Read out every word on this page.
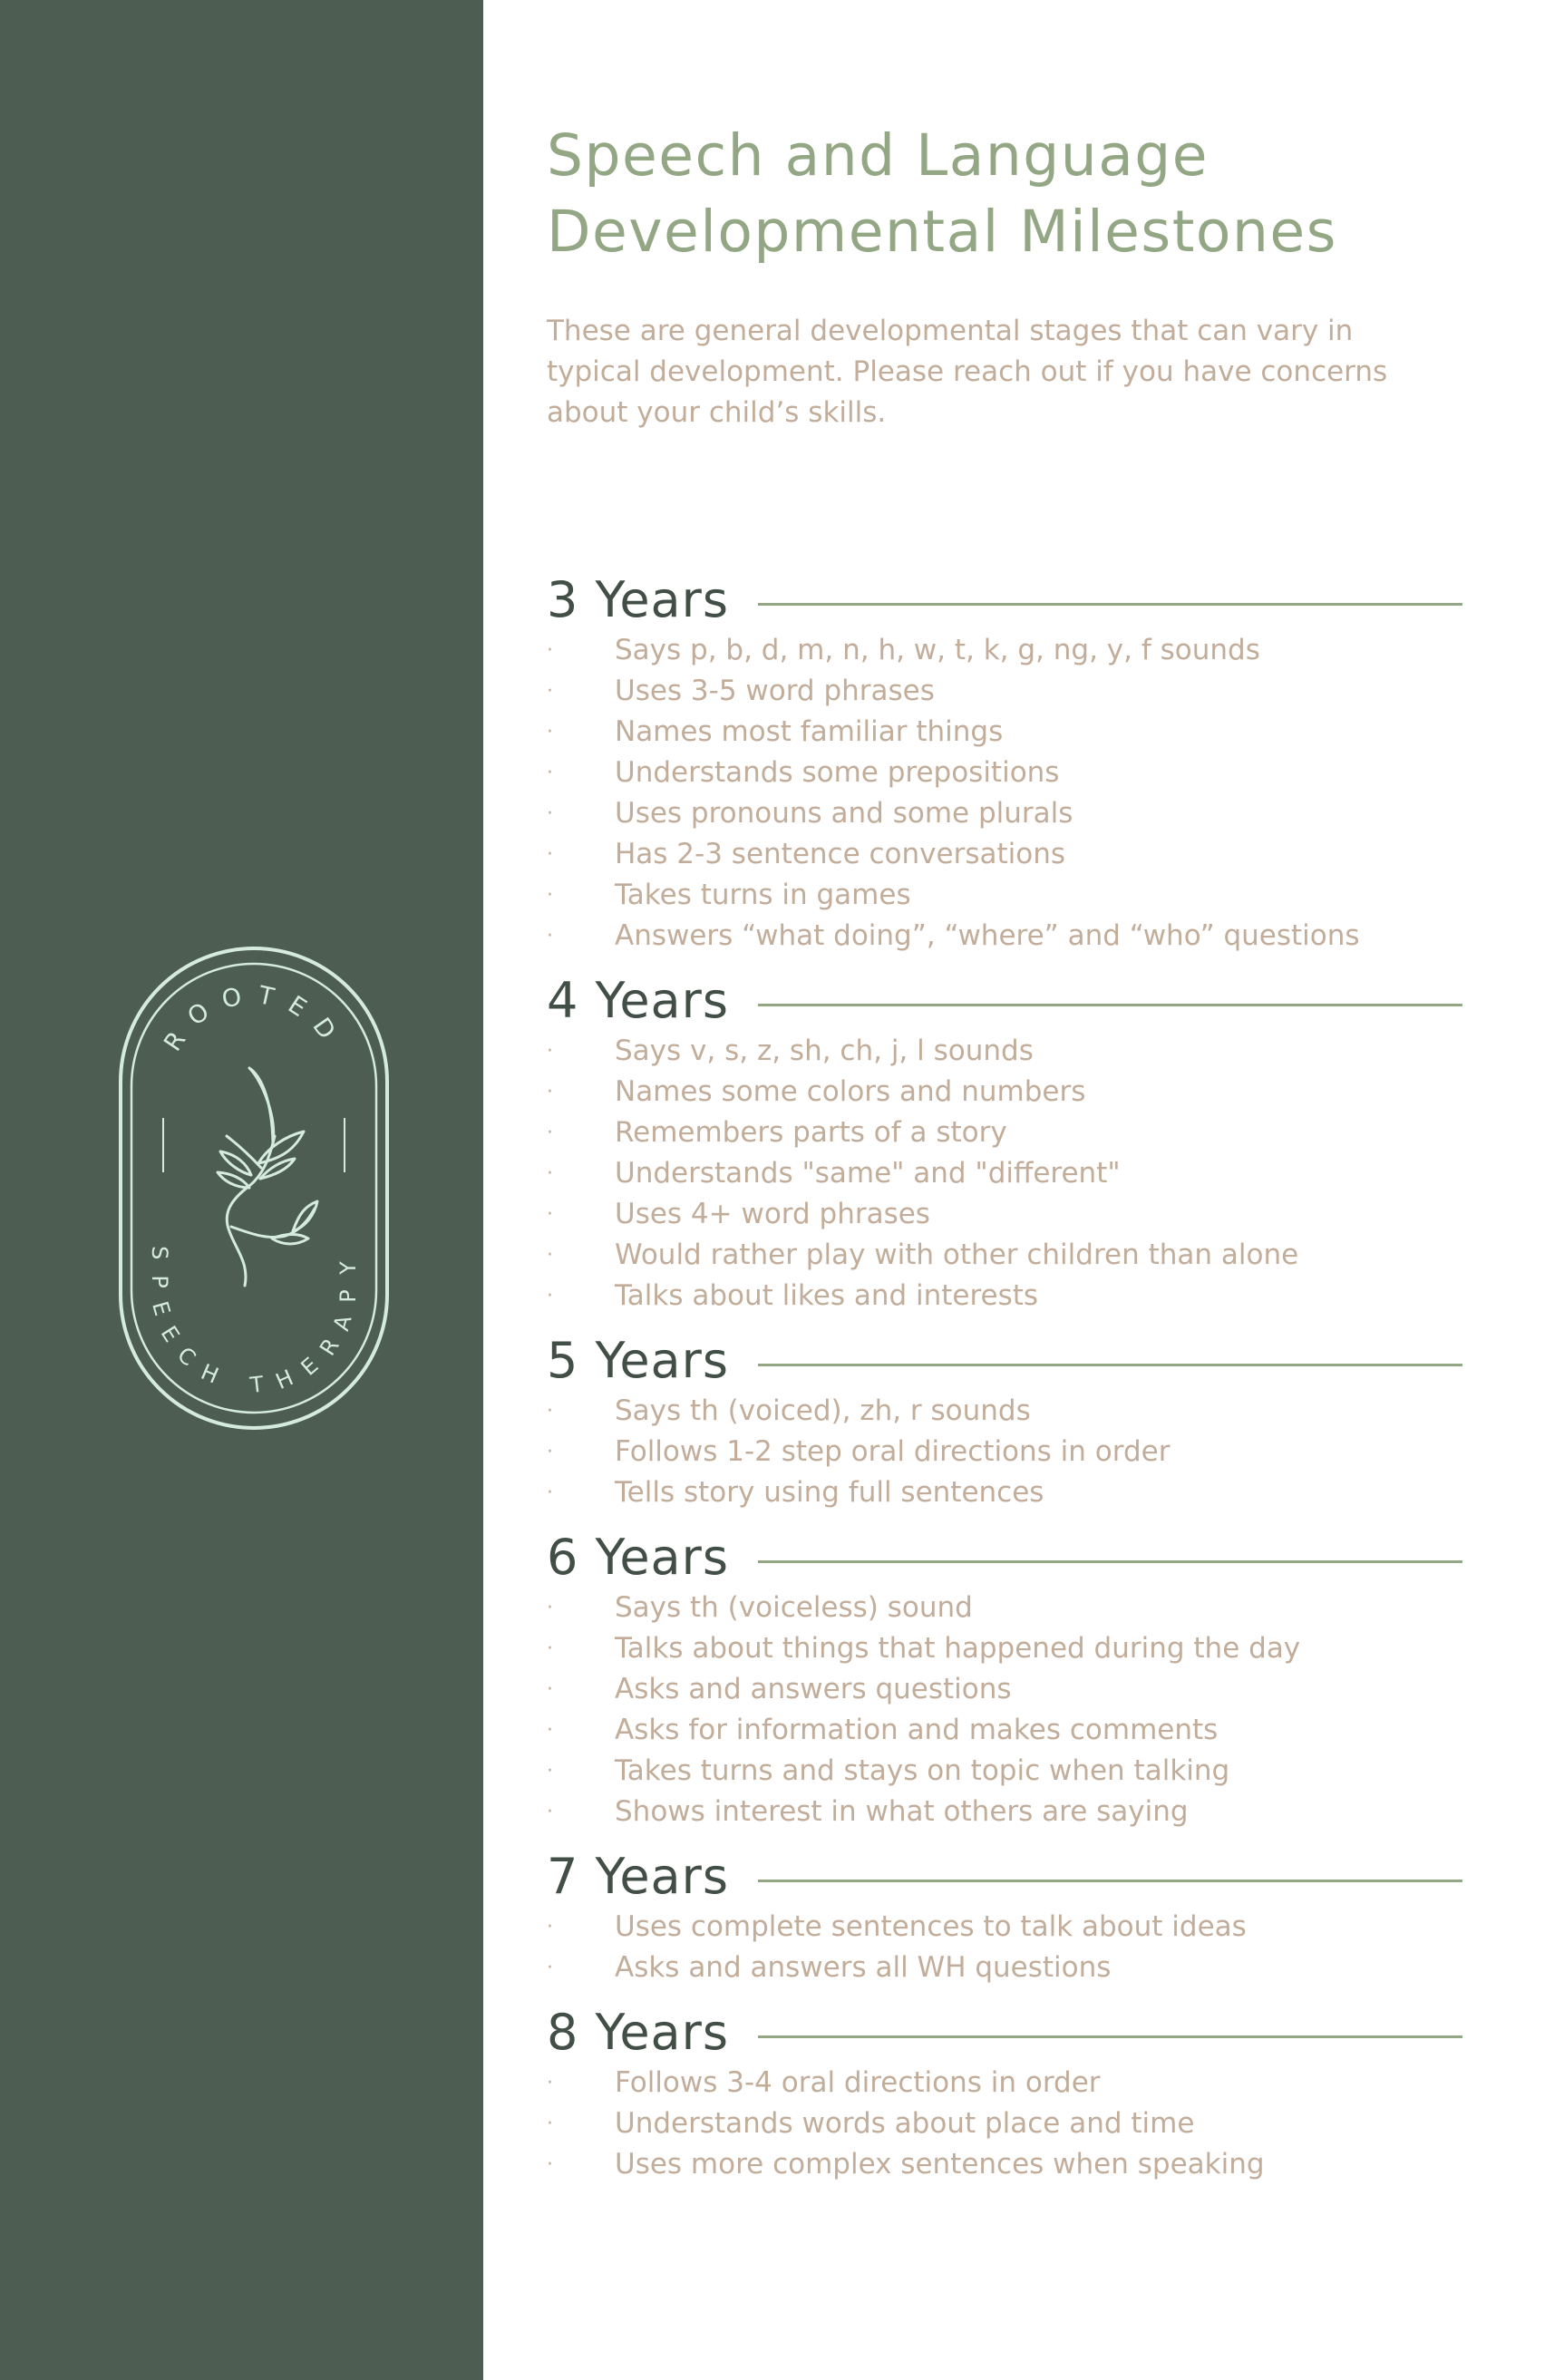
ROOTED
SPEECH THERAPY
Speech and Language
Developmental Milestones

These are general developmental stages that can vary in typical development. Please reach out if you have concerns about your child’s skills.

3 Years
·	Says p, b, d, m, n, h, w, t, k, g, ng, y, f sounds
·	Uses 3-5 word phrases
·	Names most familiar things
·	Understands some prepositions
·	Uses pronouns and some plurals
·	Has 2-3 sentence conversations
·	Takes turns in games
·	Answers “what doing”, “where” and “who” questions
4 Years
·	Says v, s, z, sh, ch, j, l sounds
·	Names some colors and numbers
·	Remembers parts of a story
·	Understands "same" and "different"
·	Uses 4+ word phrases
·	Would rather play with other children than alone
·	Talks about likes and interests
5 Years
·	Says th (voiced), zh, r sounds
·	Follows 1-2 step oral directions in order
·	Tells story using full sentences
6 Years
·	Says th (voiceless) sound
·	Talks about things that happened during the day
·	Asks and answers questions
·	Asks for information and makes comments
·	Takes turns and stays on topic when talking
·	Shows interest in what others are saying
7 Years
·	Uses complete sentences to talk about ideas
·	Asks and answers all WH questions
8 Years
·	Follows 3-4 oral directions in order
·	Understands words about place and time
·	Uses more complex sentences when speaking
